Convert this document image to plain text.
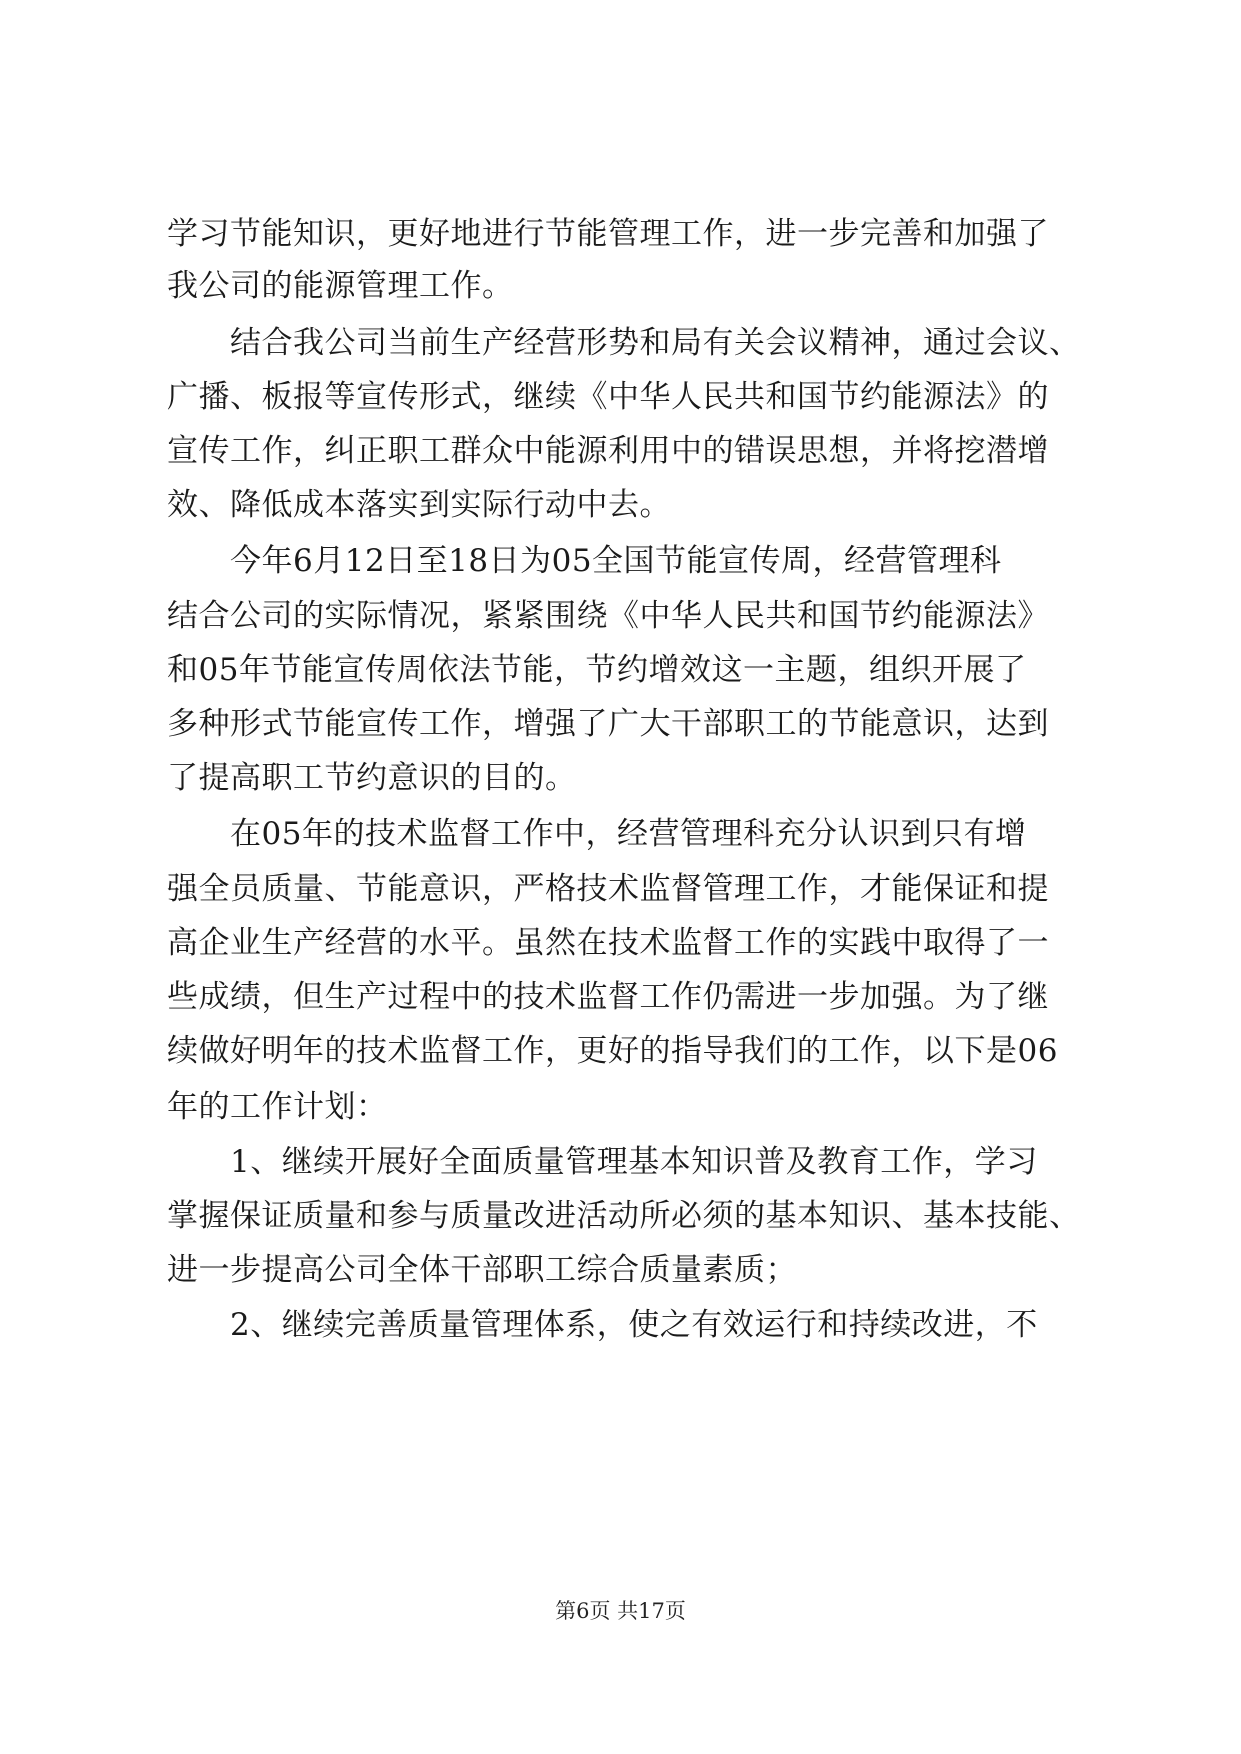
学习节能知识，更好地进行节能管理工作，进一步完善和加强了
我公司的能源管理工作。
　　结合我公司当前生产经营形势和局有关会议精神，通过会议、
广播、板报等宣传形式，继续《中华人民共和国节约能源法》的
宣传工作，纠正职工群众中能源利用中的错误思想，并将挖潜增
效、降低成本落实到实际行动中去。
　　今年6月12日至18日为05全国节能宣传周，经营管理科
结合公司的实际情况，紧紧围绕《中华人民共和国节约能源法》
和05年节能宣传周依法节能，节约增效这一主题，组织开展了
多种形式节能宣传工作，增强了广大干部职工的节能意识，达到
了提高职工节约意识的目的。
　　在05年的技术监督工作中，经营管理科充分认识到只有增
强全员质量、节能意识，严格技术监督管理工作，才能保证和提
高企业生产经营的水平。虽然在技术监督工作的实践中取得了一
些成绩，但生产过程中的技术监督工作仍需进一步加强。为了继
续做好明年的技术监督工作，更好的指导我们的工作，以下是06
年的工作计划：
　　1、继续开展好全面质量管理基本知识普及教育工作，学习
掌握保证质量和参与质量改进活动所必须的基本知识、基本技能、
进一步提高公司全体干部职工综合质量素质；
　　2、继续完善质量管理体系，使之有效运行和持续改进，不
第6页 共17页
